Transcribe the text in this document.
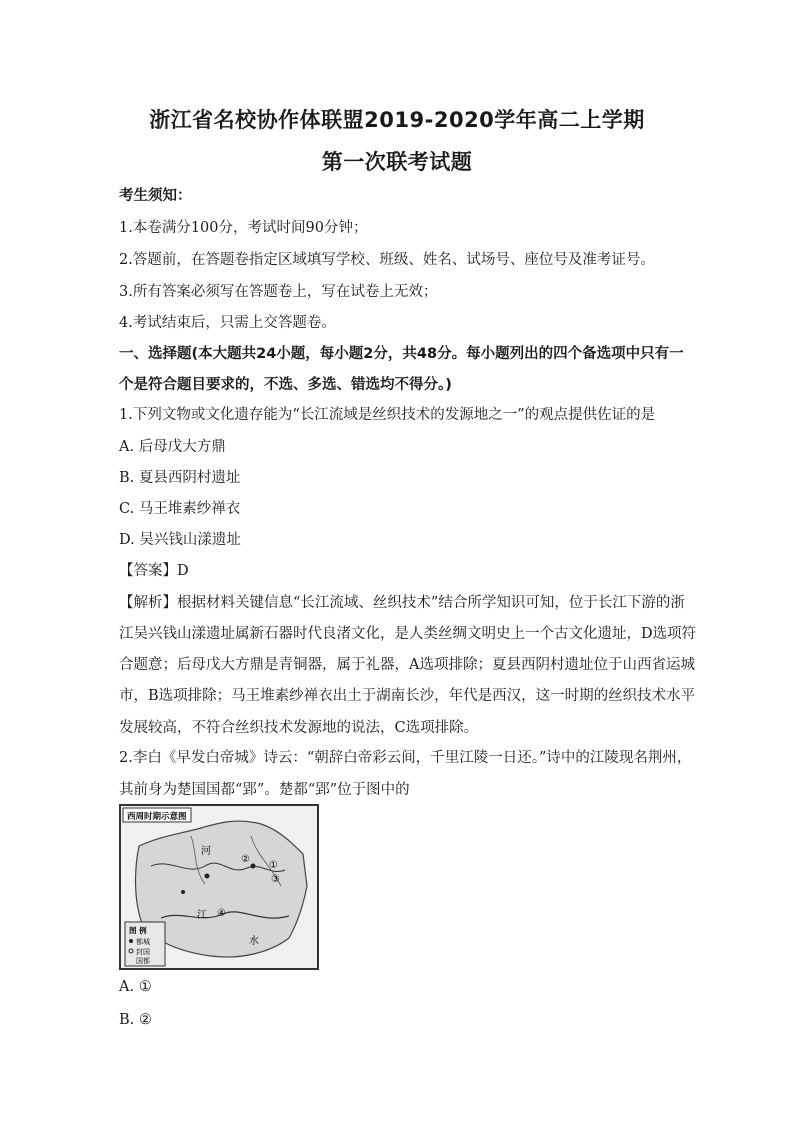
浙江省名校协作体联盟2019-2020学年高二上学期
第一次联考试题
考生须知：
1.本卷满分100分，考试时间90分钟；
2.答题前，在答题卷指定区域填写学校、班级、姓名、试场号、座位号及准考证号。
3.所有答案必须写在答题卷上，写在试卷上无效；
4.考试结束后，只需上交答题卷。
一、选择题(本大题共24小题，每小题2分，共48分。每小题列出的四个备选项中只有一
个是符合题目要求的，不选、多选、错选均不得分。)
1.下列文物或文化遗存能为“长江流域是丝织技术的发源地之一”的观点提供佐证的是
A. 后母戊大方鼎
B. 夏县西阴村遗址
C. 马王堆素纱禅衣
D. 吴兴钱山漾遗址
【答案】D
【解析】根据材料关键信息“长江流域、丝织技术”结合所学知识可知，位于长江下游的浙
江吴兴钱山漾遗址属新石器时代良渚文化，是人类丝绸文明史上一个古文化遗址，D选项符
合题意；后母戊大方鼎是青铜器，属于礼器，A选项排除；夏县西阴村遗址位于山西省运城
市，B选项排除；马王堆素纱禅衣出土于湖南长沙，年代是西汉，这一时期的丝织技术水平
发展较高，不符合丝织技术发源地的说法，C选项排除。
2.李白《早发白帝城》诗云：“朝辞白帝彩云间，千里江陵一日还。”诗中的江陵现名荆州，
其前身为楚国国都“郢”。楚都“郢”位于图中的
西周时期示意图
河
江
水
①
②
③
④
图 例
都城
封国
国都
A. ①
B. ②
